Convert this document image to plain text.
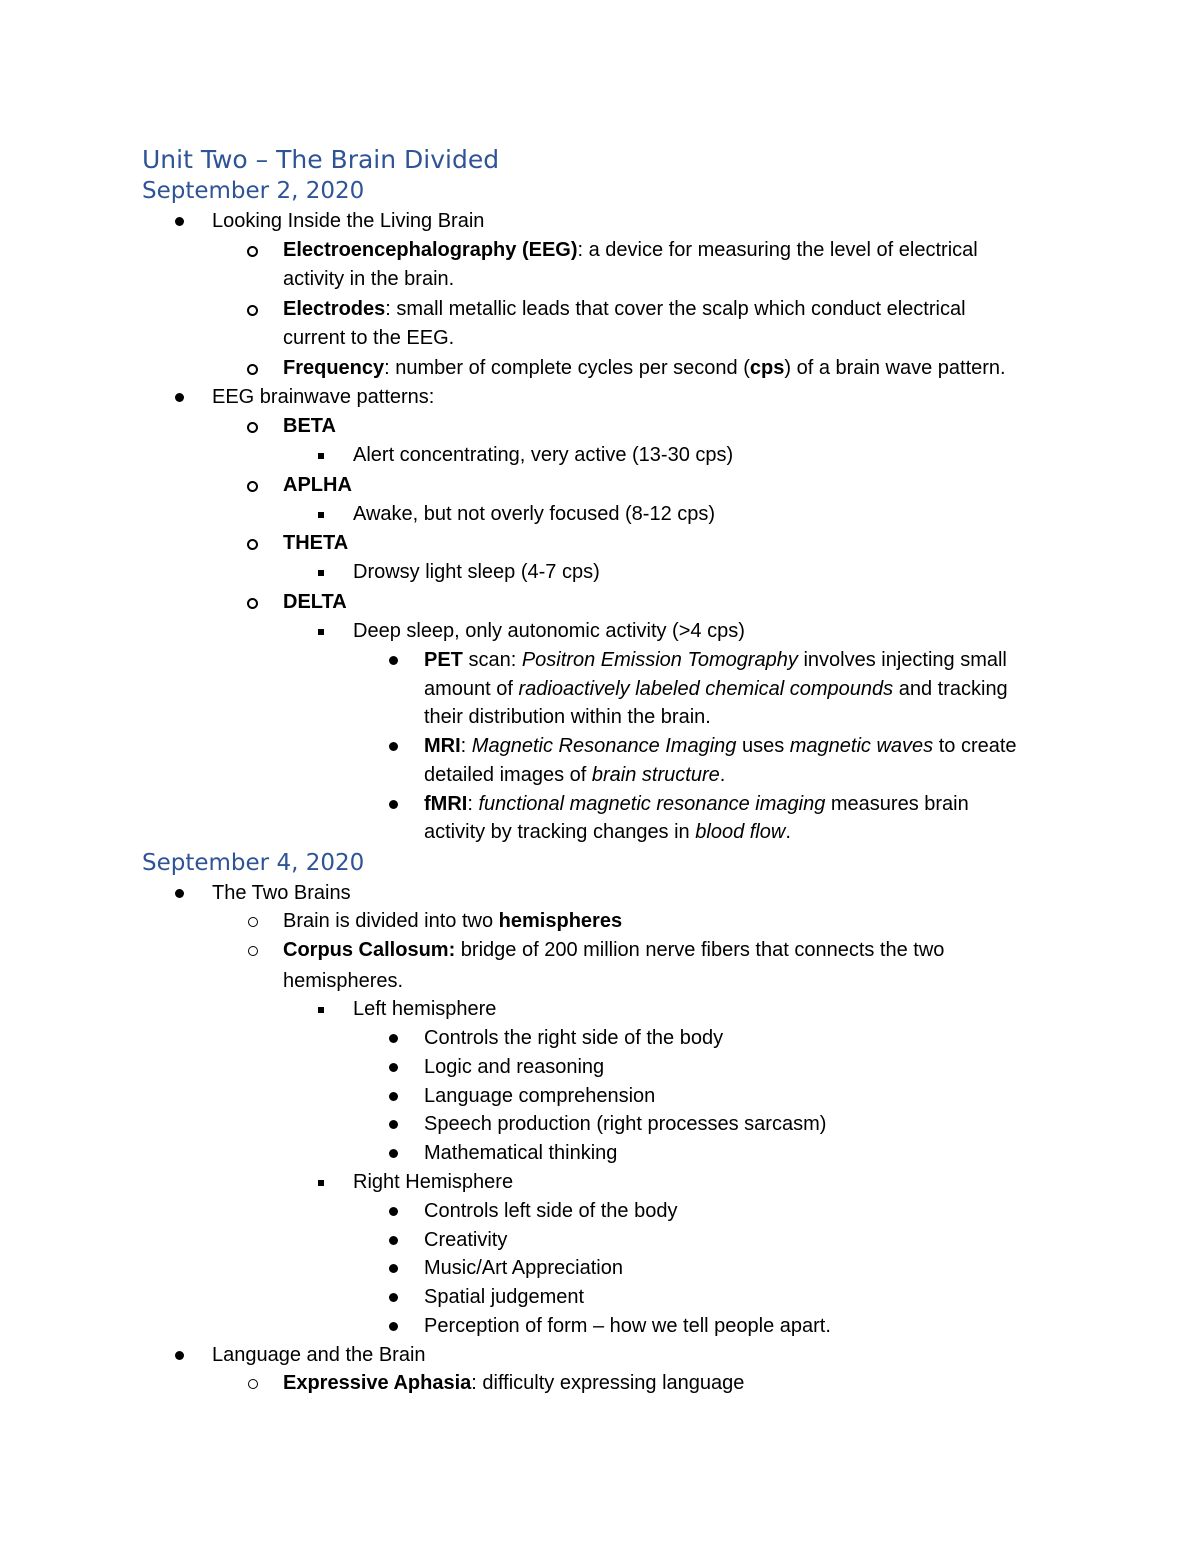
Unit Two – The Brain Divided
September 2, 2020
Looking Inside the Living Brain
Electroencephalography (EEG): a device for measuring the level of electrical
activity in the brain.
Electrodes: small metallic leads that cover the scalp which conduct electrical
current to the EEG.
Frequency: number of complete cycles per second (cps) of a brain wave pattern.
EEG brainwave patterns:
BETA
Alert concentrating, very active (13-30 cps)
APLHA
Awake, but not overly focused (8-12 cps)
THETA
Drowsy light sleep (4-7 cps)
DELTA
Deep sleep, only autonomic activity (>4 cps)
PET scan: Positron Emission Tomography involves injecting small
amount of radioactively labeled chemical compounds and tracking
their distribution within the brain.
MRI: Magnetic Resonance Imaging uses magnetic waves to create
detailed images of brain structure.
fMRI: functional magnetic resonance imaging measures brain
activity by tracking changes in blood flow.
September 4, 2020
The Two Brains
Brain is divided into two hemispheres
Corpus Callosum: bridge of 200 million nerve fibers that connects the two
hemispheres.
Left hemisphere
Controls the right side of the body
Logic and reasoning
Language comprehension
Speech production (right processes sarcasm)
Mathematical thinking
Right Hemisphere
Controls left side of the body
Creativity
Music/Art Appreciation
Spatial judgement
Perception of form – how we tell people apart.
Language and the Brain
Expressive Aphasia: difficulty expressing language
